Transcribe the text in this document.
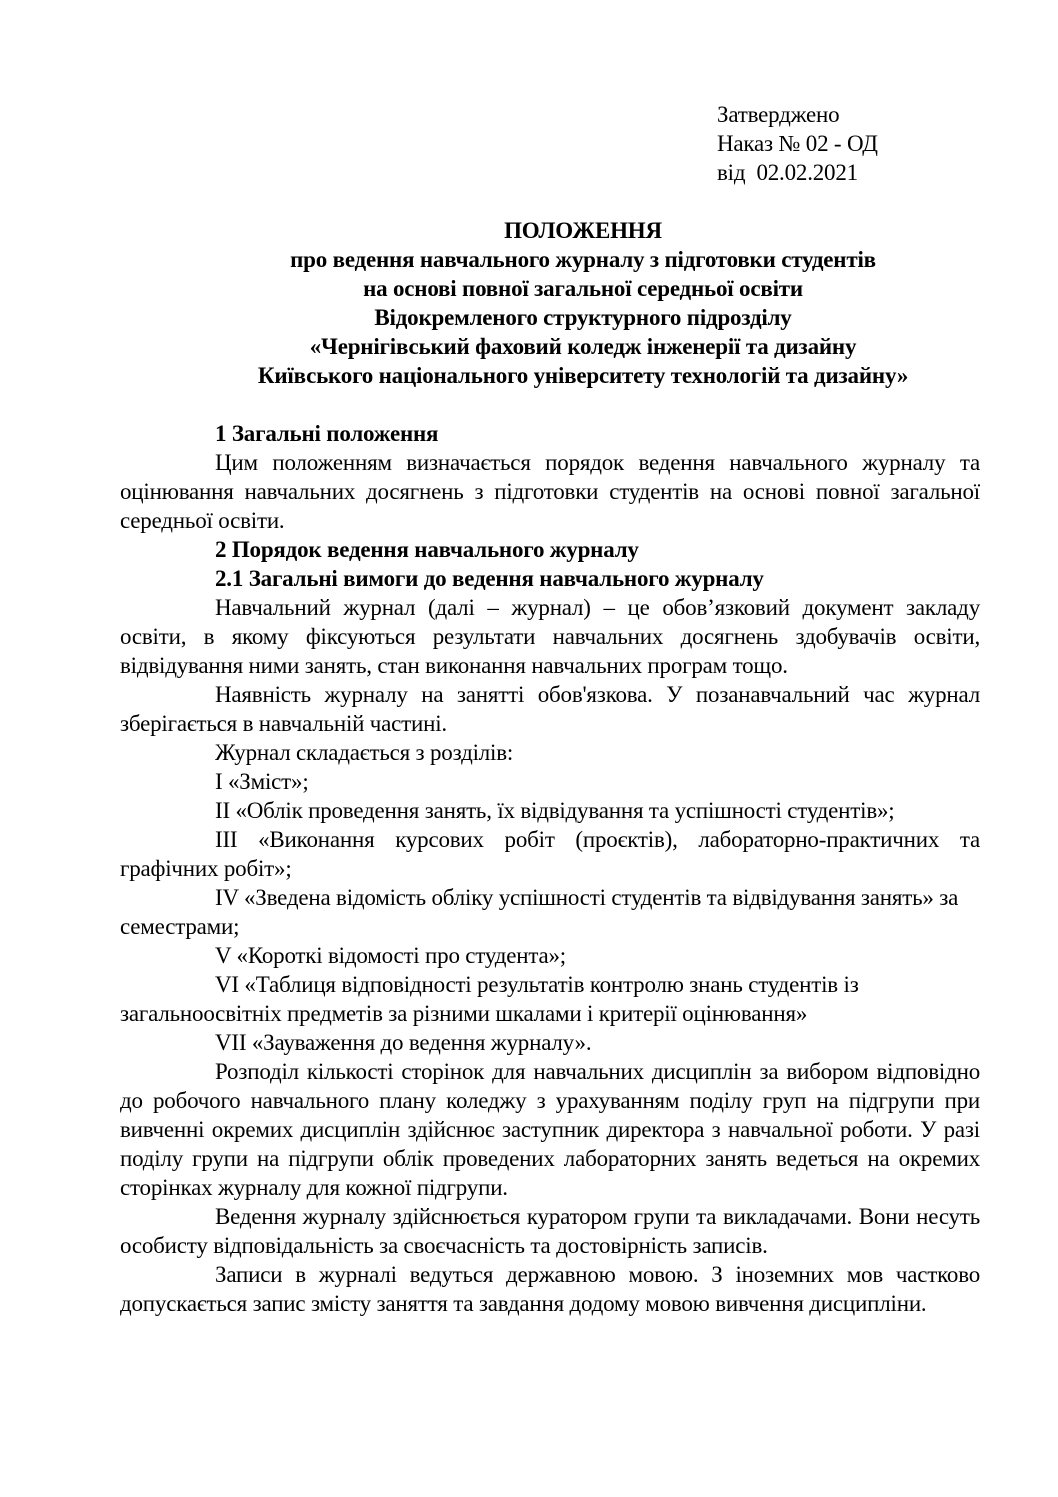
Затверджено
Наказ № 02 - ОД
від  02.02.2021
ПОЛОЖЕННЯ
про ведення навчального журналу з підготовки студентів
на основі повної загальної середньої освіти
Відокремленого структурного підрозділу
«Чернігівський фаховий коледж інженерії та дизайну
Київського національного університету технологій та дизайну»

1 Загальні положення

Цим положенням визначається порядок ведення навчального журналу та оцінювання навчальних досягнень з підготовки студентів на основі повної загальної середньої освіти.

2 Порядок ведення навчального журналу

2.1 Загальні вимоги до ведення навчального журналу

Навчальний журнал (далі – журнал) – це обов’язковий документ закладу освіти, в якому фіксуються результати навчальних досягнень здобувачів освіти, відвідування ними занять, стан виконання навчальних програм тощо.

Наявність журналу на занятті обов'язкова. У позанавчальний час журнал зберігається в навчальній частині.

Журнал складається з розділів:

I «Зміст»;

II «Облік проведення занять, їх відвідування та успішності студентів»;

III «Виконання курсових робіт (проєктів), лабораторно-практичних та графічних робіт»;

IV «Зведена відомість обліку успішності студентів та відвідування занять» за семестрами;

V «Короткі відомості про студента»;

VI «Таблиця відповідності результатів контролю знань студентів із загальноосвітніх предметів за різними шкалами і критерії оцінювання»

VII «Зауваження до ведення журналу».

Розподіл кількості сторінок для навчальних дисциплін за вибором відповідно до робочого навчального плану коледжу з урахуванням поділу груп на підгрупи при вивченні окремих дисциплін здійснює заступник директора з навчальної роботи. У разі поділу групи на підгрупи облік проведених лабораторних занять ведеться на окремих сторінках журналу для кожної підгрупи.

Ведення журналу здійснюється куратором групи та викладачами. Вони несуть особисту відповідальність за своєчасність та достовірність записів.

Записи в журналі ведуться державною мовою. З іноземних мов частково допускається запис змісту заняття та завдання додому мовою вивчення дисципліни.
